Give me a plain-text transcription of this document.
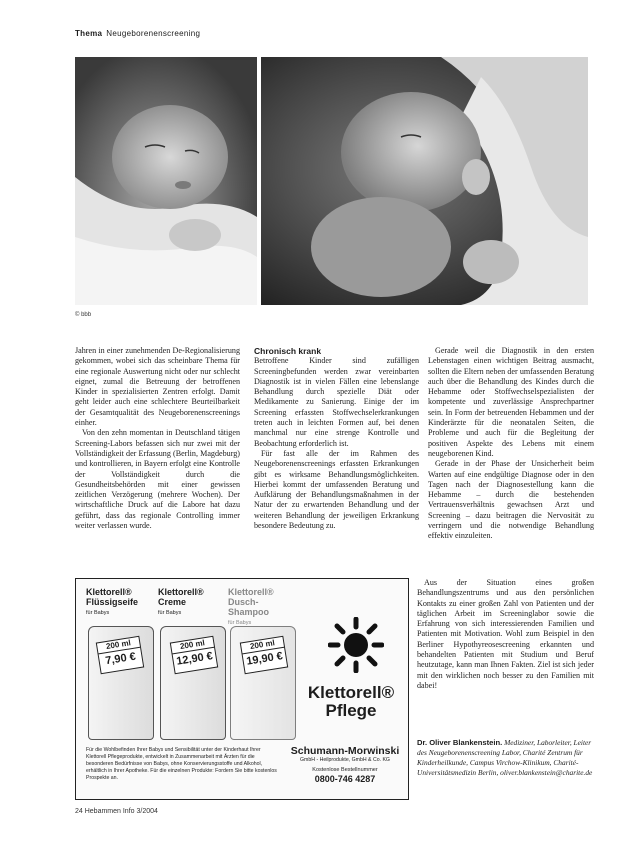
Thema Neugeborenenscreening
© bbb

Jahren in einer zunehmenden De-Regionalisierung gekommen, wobei sich das scheinbare Thema für eine regionale Auswertung nicht oder nur schlecht eignet, zumal die Betreuung der betroffenen Kinder in spezialisierten Zentren erfolgt. Damit geht leider auch eine schlechtere Beurteilbarkeit der Gesamtqualität des Neugeborenenscreenings einher.

Von den zehn momentan in Deutschland tätigen Screening-Labors befassen sich nur zwei mit der Vollständigkeit der Erfassung (Berlin, Magdeburg) und kontrollieren, in Bayern erfolgt eine Kontrolle der Vollständigkeit durch die Gesundheitsbehörden mit einer gewissen zeitlichen Verzögerung (mehrere Wochen). Der wirtschaftliche Druck auf die Labore hat dazu geführt, dass das regionale Controlling immer weiter verlassen wurde.

Chronisch krank

Betroffene Kinder sind zufälligen Screeningbefunden werden zwar vereinbarten Diagnostik ist in vielen Fällen eine lebenslange Behandlung durch spezielle Diät oder Medikamente zu Sanierung. Einige der im Screening erfassten Stoffwechselerkrankungen treten auch in leichten Formen auf, bei denen manchmal nur eine strenge Kontrolle und Beobachtung erforderlich ist.

Für fast alle der im Rahmen des Neugeborenenscreenings erfassten Erkrankungen gibt es wirksame Behandlungsmöglichkeiten. Hierbei kommt der umfassenden Beratung und Aufklärung der Behandlungsmaßnahmen in der Natur der zu erwartenden Behandlung und der weiteren Behandlung der jeweiligen Erkrankung besondere Bedeutung zu.

Gerade weil die Diagnostik in den ersten Lebenstagen einen wichtigen Beitrag ausmacht, sollten die Eltern neben der umfassenden Beratung auch über die Behandlung des Kindes durch die Hebamme oder Stoffwechselspezialisten der kompetente und zuverlässige Ansprechpartner sein. In Form der betreuenden Hebammen und der Kinderärzte für die neonatalen Seiten, die Probleme und auch für die Begleitung der positiven Aspekte des Lebens mit einem neugeborenen Kind.

Gerade in der Phase der Unsicherheit beim Warten auf eine endgültige Diagnose oder in den Tagen nach der Diagnosestellung kann die Hebamme – durch die bestehenden Vertrauensverhältnis gewachsen Arzt und Screening – dazu beitragen die Nervosität zu verringern und die notwendige Behandlung effektiv einzuleiten.

Aus der Situation eines großen Behandlungszentrums und aus den persönlichen Kontakts zu einer großen Zahl von Patienten und der täglichen Arbeit im Screeninglabor sowie die Erfahrung von sich interessierenden Familien und Patienten mit Motivation. Wohl zum Beispiel in den Berliner Hypothyreosescreening erkannten und behandelten Patienten mit Studium und Beruf heutzutage, kann man Ihnen Fakten. Ziel ist sich jeder mit den wirklichen noch besser zu den Familien mit dabei!

Dr. Oliver Blankenstein. Mediziner, Laborleiter, Leiter des Neugeborenenscreening Labor, Charité Zentrum für Kinderheilkunde, Campus Virchow-Klinikum, Charité-Universitätsmedizin Berlin, oliver.blankenstein@charite.de
Klettorell®
Flüssigseife
für Babys
Klettorell®
Creme
für Babys
Klettorell®
Dusch-Shampoo
für Babys
200 ml
7,90 €
200 ml
12,90 €
200 ml
19,90 €
Klettorell®
Pflege
Für die Wohlbefinden Ihrer Babys und Sensibilität unter der Kinderhaut Ihrer Klettorell Pflegeprodukte, entwickelt in Zusammenarbeit mit Ärzten für die besonderen Bedürfnisse von Babys, ohne Konservierungsstoffe und Alkohol, erhältlich in Ihrer Apotheke. Für die einzelnen Produkte: Fordern Sie bitte kostenlos Prospekte an.
Schumann-Morwinski
GmbH - Heilprodukte, GmbH & Co. KG
Kostenlose Bestellnummer
0800-746 4287
24 Hebammen Info 3/2004
